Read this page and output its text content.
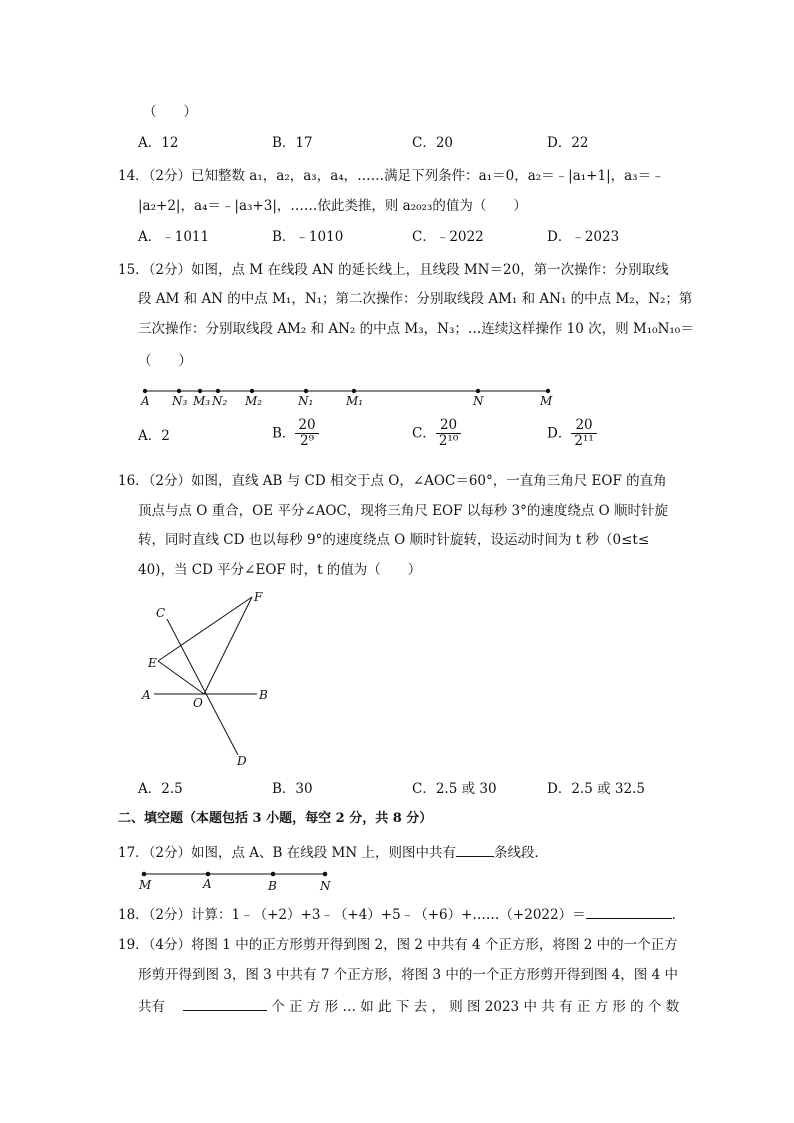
（　　）
A．12	B．17	C．20	D．22
14．（2分）已知整数 a₁，a₂，a₃，a₄，……满足下列条件：a₁＝0，a₂＝﹣|a₁+1|，a₃＝﹣
|a₂+2|，a₄＝﹣|a₃+3|，……依此类推，则 a₂₀₂₃的值为（　　）
A．﹣1011	B．﹣1010	C．﹣2022	D．﹣2023
15．（2分）如图，点 M 在线段 AN 的延长线上，且线段 MN＝20，第一次操作：分别取线
段 AM 和 AN 的中点 M₁，N₁；第二次操作：分别取线段 AM₁ 和 AN₁ 的中点 M₂，N₂；第
三次操作：分别取线段 AM₂ 和 AN₂ 的中点 M₃，N₃；…连续这样操作 10 次，则 M₁₀N₁₀＝
（　　）
A N₃ M₃ N₂ M₂	N₁	M₁	N	M
A．2	B． $\frac{20}{\text{2⁹}}$	C． $\frac{20}{\text{2¹⁰}}$	D． $\frac{20}{\text{2¹¹}}$
16．（2分）如图，直线 AB 与 CD 相交于点 O，∠AOC＝60°，一直角三角尺 EOF 的直角
顶点与点 O 重合，OE 平分∠AOC，现将三角尺 EOF 以每秒 3°的速度绕点 O 顺时针旋
转，同时直线 CD 也以每秒 9°的速度绕点 O 顺时针旋转，设运动时间为 t 秒（0≤t≤
40)，当 CD 平分∠EOF 时，t 的值为（　　）
C
F
E
A
O
B
D
A．2.5	B．30	C．2.5 或 30	D．2.5 或 32.5
二、填空题（本题包括 3 小题，每空 2 分，共 8 分）
17．（2分）如图，点 A、B 在线段 MN 上，则图中共有	条线段．
M	A	B	N
18．（2分）计算：1﹣（+2）+3﹣（+4）+5﹣（+6）+……（+2022）＝	．
19．（4分）将图 1 中的正方形剪开得到图 2，图 2 中共有 4 个正方形，将图 2 中的一个正方
形剪开得到图 3，图 3 中共有 7 个正方形，将图 3 中的一个正方形剪开得到图 4，图 4 中
共有	个 正 方 形 … 如 此 下 去 ， 则 图 2023 中 共 有 正 方 形 的 个 数
